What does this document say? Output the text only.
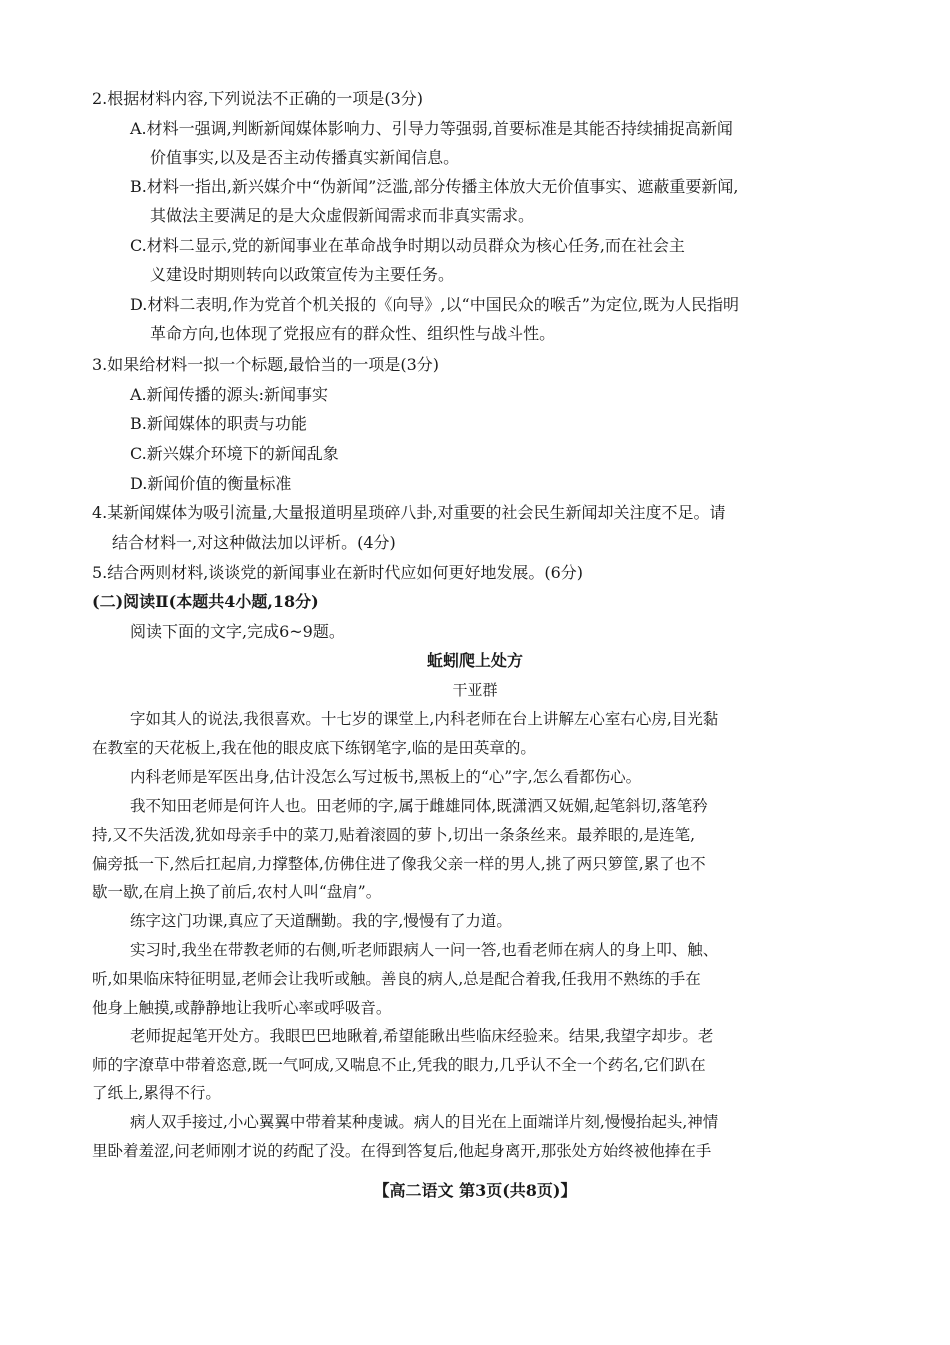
2.根据材料内容,下列说法不正确的一项是(3分)
A.材料一强调,判断新闻媒体影响力、引导力等强弱,首要标准是其能否持续捕捉高新闻
价值事实,以及是否主动传播真实新闻信息。
B.材料一指出,新兴媒介中“伪新闻”泛滥,部分传播主体放大无价值事实、遮蔽重要新闻,
其做法主要满足的是大众虚假新闻需求而非真实需求。
C.材料二显示,党的新闻事业在革命战争时期以动员群众为核心任务,而在社会主
义建设时期则转向以政策宣传为主要任务。
D.材料二表明,作为党首个机关报的《向导》,以“中国民众的喉舌”为定位,既为人民指明
革命方向,也体现了党报应有的群众性、组织性与战斗性。
3.如果给材料一拟一个标题,最恰当的一项是(3分)
A.新闻传播的源头:新闻事实
B.新闻媒体的职责与功能
C.新兴媒介环境下的新闻乱象
D.新闻价值的衡量标准
4.某新闻媒体为吸引流量,大量报道明星琐碎八卦,对重要的社会民生新闻却关注度不足。请
结合材料一,对这种做法加以评析。(4分)
5.结合两则材料,谈谈党的新闻事业在新时代应如何更好地发展。(6分)
(二)阅读Ⅱ(本题共4小题,18分)
阅读下面的文字,完成6~9题。
蚯蚓爬上处方
干亚群
字如其人的说法,我很喜欢。十七岁的课堂上,内科老师在台上讲解左心室右心房,目光黏
在教室的天花板上,我在他的眼皮底下练钢笔字,临的是田英章的。
内科老师是军医出身,估计没怎么写过板书,黑板上的“心”字,怎么看都伤心。
我不知田老师是何许人也。田老师的字,属于雌雄同体,既潇洒又妩媚,起笔斜切,落笔矜
持,又不失活泼,犹如母亲手中的菜刀,贴着滚圆的萝卜,切出一条条丝来。最养眼的,是连笔,
偏旁抵一下,然后扛起肩,力撑整体,仿佛住进了像我父亲一样的男人,挑了两只箩筐,累了也不
歇一歇,在肩上换了前后,农村人叫“盘肩”。
练字这门功课,真应了天道酬勤。我的字,慢慢有了力道。
实习时,我坐在带教老师的右侧,听老师跟病人一问一答,也看老师在病人的身上叩、触、
听,如果临床特征明显,老师会让我听或触。善良的病人,总是配合着我,任我用不熟练的手在
他身上触摸,或静静地让我听心率或呼吸音。
老师捉起笔开处方。我眼巴巴地瞅着,希望能瞅出些临床经验来。结果,我望字却步。老
师的字潦草中带着恣意,既一气呵成,又喘息不止,凭我的眼力,几乎认不全一个药名,它们趴在
了纸上,累得不行。
病人双手接过,小心翼翼中带着某种虔诚。病人的目光在上面端详片刻,慢慢抬起头,神情
里卧着羞涩,问老师刚才说的药配了没。在得到答复后,他起身离开,那张处方始终被他捧在手
【高二语文 第3页(共8页)】
